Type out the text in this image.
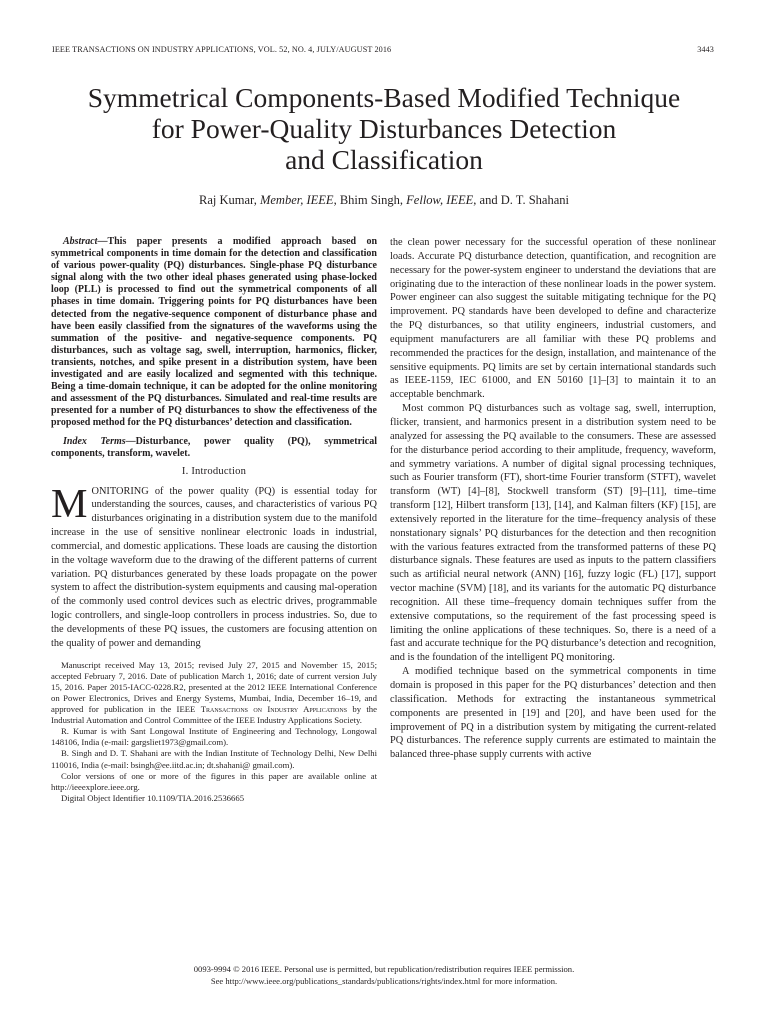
IEEE TRANSACTIONS ON INDUSTRY APPLICATIONS, VOL. 52, NO. 4, JULY/AUGUST 2016	3443
Symmetrical Components-Based Modified Technique
for Power-Quality Disturbances Detection
and Classification
Raj Kumar, Member, IEEE, Bhim Singh, Fellow, IEEE, and D. T. Shahani

Abstract—This paper presents a modified approach based on symmetrical components in time domain for the detection and classification of various power-quality (PQ) disturbances. Single-phase PQ disturbance signal along with the two other ideal phases generated using phase-locked loop (PLL) is processed to find out the symmetrical components of all phases in time domain. Triggering points for PQ disturbances have been detected from the negative-sequence component of disturbance phase and have been easily classified from the signatures of the waveforms using the summation of the positive- and negative-sequence components. PQ disturbances, such as voltage sag, swell, interruption, harmonics, flicker, transients, notches, and spike present in a distribution system, have been investigated and are easily localized and segmented with this technique. Being a time-domain technique, it can be adopted for the online monitoring and assessment of the PQ disturbances. Simulated and real-time results are presented for a number of PQ disturbances to show the effectiveness of the proposed method for the PQ disturbances’ detection and classification.

Index Terms—Disturbance, power quality (PQ), symmetrical components, transform, wavelet.

I. Introduction

MONITORING of the power quality (PQ) is essential today for understanding the sources, causes, and characteristics of various PQ disturbances originating in a distribution system due to the manifold increase in the use of sensitive nonlinear electronic loads in industrial, commercial, and domestic applications. These loads are causing the distortion in the voltage waveform due to the drawing of the different patterns of current variation. PQ disturbances generated by these loads propagate on the power system to affect the distribution-system equipments and causing mal-operation of the commonly used control devices such as electric drives, programmable logic controllers, and single-loop controllers in process industries. So, due to the developments of these PQ issues, the customers are focusing attention on the quality of power and demanding

Manuscript received May 13, 2015; revised July 27, 2015 and November 15, 2015; accepted February 7, 2016. Date of publication March 1, 2016; date of current version July 15, 2016. Paper 2015-IACC-0228.R2, presented at the 2012 IEEE International Conference on Power Electronics, Drives and Energy Systems, Mumbai, India, December 16–19, and approved for publication in the IEEE Transactions on Industry Applications by the Industrial Automation and Control Committee of the IEEE Industry Applications Society.

R. Kumar is with Sant Longowal Institute of Engineering and Technology, Longowal 148106, India (e-mail: gargsliet1973@gmail.com).

B. Singh and D. T. Shahani are with the Indian Institute of Technology Delhi, New Delhi 110016, India (e-mail: bsingh@ee.iitd.ac.in; dt.shahani@ gmail.com).

Color versions of one or more of the figures in this paper are available online at http://ieeexplore.ieee.org.

Digital Object Identifier 10.1109/TIA.2016.2536665

the clean power necessary for the successful operation of these nonlinear loads. Accurate PQ disturbance detection, quantification, and recognition are necessary for the power-system engineer to understand the deviations that are originating due to the interaction of these nonlinear loads in the power system. Power engineer can also suggest the suitable mitigating technique for the PQ improvement. PQ standards have been developed to define and characterize the PQ disturbances, so that utility engineers, industrial customers, and equipment manufacturers are all familiar with these PQ problems and recommended the practices for the design, installation, and maintenance of the sensitive equipments. PQ limits are set by certain international standards such as IEEE-1159, IEC 61000, and EN 50160 [1]–[3] to maintain it to an acceptable benchmark.

Most common PQ disturbances such as voltage sag, swell, interruption, flicker, transient, and harmonics present in a distribution system need to be analyzed for assessing the PQ available to the consumers. These are assessed for the disturbance period according to their amplitude, frequency, waveform, and symmetry variations. A number of digital signal processing techniques, such as Fourier transform (FT), short-time Fourier transform (STFT), wavelet transform (WT) [4]–[8], Stockwell transform (ST) [9]–[11], time–time transform [12], Hilbert transform [13], [14], and Kalman filters (KF) [15], are extensively reported in the literature for the time–frequency analysis of these nonstationary signals’ PQ disturbances for the detection and then recognition with the various features extracted from the transformed patterns of these PQ disturbance signals. These features are used as inputs to the pattern classifiers such as artificial neural network (ANN) [16], fuzzy logic (FL) [17], support vector machine (SVM) [18], and its variants for the automatic PQ disturbance recognition. All these time–frequency domain techniques suffer from the extensive computations, so the requirement of the fast processing speed is limiting the online applications of these techniques. So, there is a need of a fast and accurate technique for the PQ disturbance’s detection and recognition, and is the foundation of the intelligent PQ monitoring.

A modified technique based on the symmetrical components in time domain is proposed in this paper for the PQ disturbances’ detection and then classification. Methods for extracting the instantaneous symmetrical components are presented in [19] and [20], and have been used for the improvement of PQ in a distribution system by mitigating the current-related PQ disturbances. The reference supply currents are estimated to maintain the balanced three-phase supply currents with active

0093-9994 © 2016 IEEE. Personal use is permitted, but republication/redistribution requires IEEE permission.
See http://www.ieee.org/publications_standards/publications/rights/index.html for more information.
